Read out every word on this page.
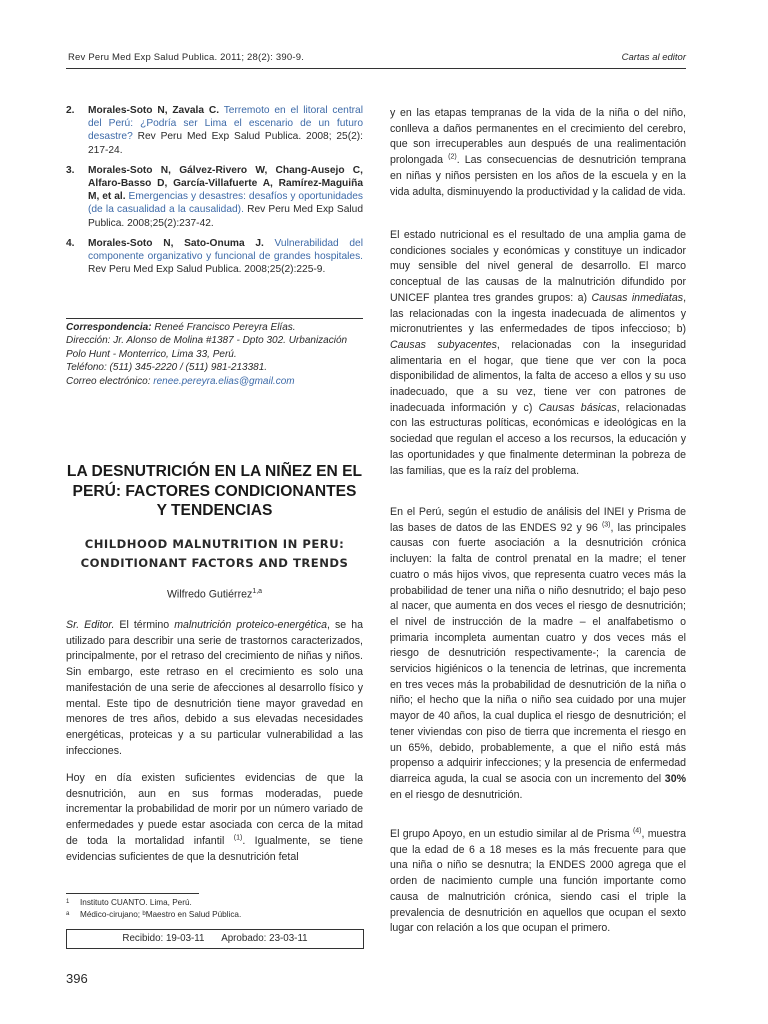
Rev Peru Med Exp Salud Publica. 2011; 28(2): 390-9.	Cartas al editor
2.	Morales-Soto N, Zavala C. Terremoto en el litoral central del Perú: ¿Podría ser Lima el escenario de un futuro desastre? Rev Peru Med Exp Salud Publica. 2008; 25(2): 217-24.
3.	Morales-Soto N, Gálvez-Rivero W, Chang-Ausejo C, Alfaro-Basso D, García-Villafuerte A, Ramírez-Maguiña M, et al. Emergencias y desastres: desafíos y oportunidades (de la casualidad a la causalidad). Rev Peru Med Exp Salud Publica. 2008;25(2):237-42.
4.	Morales-Soto N, Sato-Onuma J. Vulnerabilidad del componente organizativo y funcional de grandes hospitales. Rev Peru Med Exp Salud Publica. 2008;25(2):225-9.
Correspondencia: Reneé Francisco Pereyra Elías.
Dirección: Jr. Alonso de Molina #1387 - Dpto 302. Urbanización Polo Hunt - Monterrico, Lima 33, Perú.
Teléfono: (511) 345-2220 / (511) 981-213381.
Correo electrónico: renee.pereyra.elias@gmail.com
LA DESNUTRICIÓN EN LA NIÑEZ EN EL PERÚ: FACTORES CONDICIONANTES Y TENDENCIAS
CHILDHOOD MALNUTRITION IN PERU: CONDITIONANT FACTORS AND TRENDS
Wilfredo Gutiérrez$^{1,a}$

Sr. Editor. El término malnutrición proteico-energética, se ha utilizado para describir una serie de trastornos caracterizados, principalmente, por el retraso del crecimiento de niñas y niños. Sin embargo, este retraso en el crecimiento es solo una manifestación de una serie de afecciones al desarrollo físico y mental. Este tipo de desnutrición tiene mayor gravedad en menores de tres años, debido a sus elevadas necesidades energéticas, proteicas y a su particular vulnerabilidad a las infecciones.

Hoy en día existen suficientes evidencias de que la desnutrición, aun en sus formas moderadas, puede incrementar la probabilidad de morir por un número variado de enfermedades y puede estar asociada con cerca de la mitad de toda la mortalidad infantil $^{(1)}$. Igualmente, se tiene evidencias suficientes de que la desnutrición fetal

1 Instituto CUANTO. Lima, Perú.
a Médico-cirujano; $^b$Maestro en Salud Pública.
Recibido: 19-03-11 Aprobado: 23-03-11
396

y en las etapas tempranas de la vida de la niña o del niño, conlleva a daños permanentes en el crecimiento del cerebro, que son irrecuperables aun después de una realimentación prolongada $^{(2)}$. Las consecuencias de desnutrición temprana en niñas y niños persisten en los años de la escuela y en la vida adulta, disminuyendo la productividad y la calidad de vida.

El estado nutricional es el resultado de una amplia gama de condiciones sociales y económicas y constituye un indicador muy sensible del nivel general de desarrollo. El marco conceptual de las causas de la malnutrición difundido por UNICEF plantea tres grandes grupos: a) Causas inmediatas, las relacionadas con la ingesta inadecuada de alimentos y micronutrientes y las enfermedades de tipos infeccioso; b) Causas subyacentes, relacionadas con la inseguridad alimentaria en el hogar, que tiene que ver con la poca disponibilidad de alimentos, la falta de acceso a ellos y su uso inadecuado, que a su vez, tiene ver con patrones de inadecuada información y c) Causas básicas, relacionadas con las estructuras políticas, económicas e ideológicas en la sociedad que regulan el acceso a los recursos, la educación y las oportunidades y que finalmente determinan la pobreza de las familias, que es la raíz del problema.

En el Perú, según el estudio de análisis del INEI y Prisma de las bases de datos de las ENDES 92 y 96 $^{(3)}$, las principales causas con fuerte asociación a la desnutrición crónica incluyen: la falta de control prenatal en la madre; el tener cuatro o más hijos vivos, que representa cuatro veces más la probabilidad de tener una niña o niño desnutrido; el bajo peso al nacer, que aumenta en dos veces el riesgo de desnutrición; el nivel de instrucción de la madre – el analfabetismo o primaria incompleta aumentan cuatro y dos veces más el riesgo de desnutrición respectivamente-; la carencia de servicios higiénicos o la tenencia de letrinas, que incrementa en tres veces más la probabilidad de desnutrición de la niña o niño; el hecho que la niña o niño sea cuidado por una mujer mayor de 40 años, la cual duplica el riesgo de desnutrición; el tener viviendas con piso de tierra que incrementa el riesgo en un 65%, debido, probablemente, a que el niño está más propenso a adquirir infecciones; y la presencia de enfermedad diarreica aguda, la cual se asocia con un incremento del 30% en el riesgo de desnutrición.

El grupo Apoyo, en un estudio similar al de Prisma $^{(4)}$, muestra que la edad de 6 a 18 meses es la más frecuente para que una niña o niño se desnutra; la ENDES 2000 agrega que el orden de nacimiento cumple una función importante como causa de malnutrición crónica, siendo casi el triple la prevalencia de desnutrición en aquellos que ocupan el sexto lugar con relación a los que ocupan el primero.
